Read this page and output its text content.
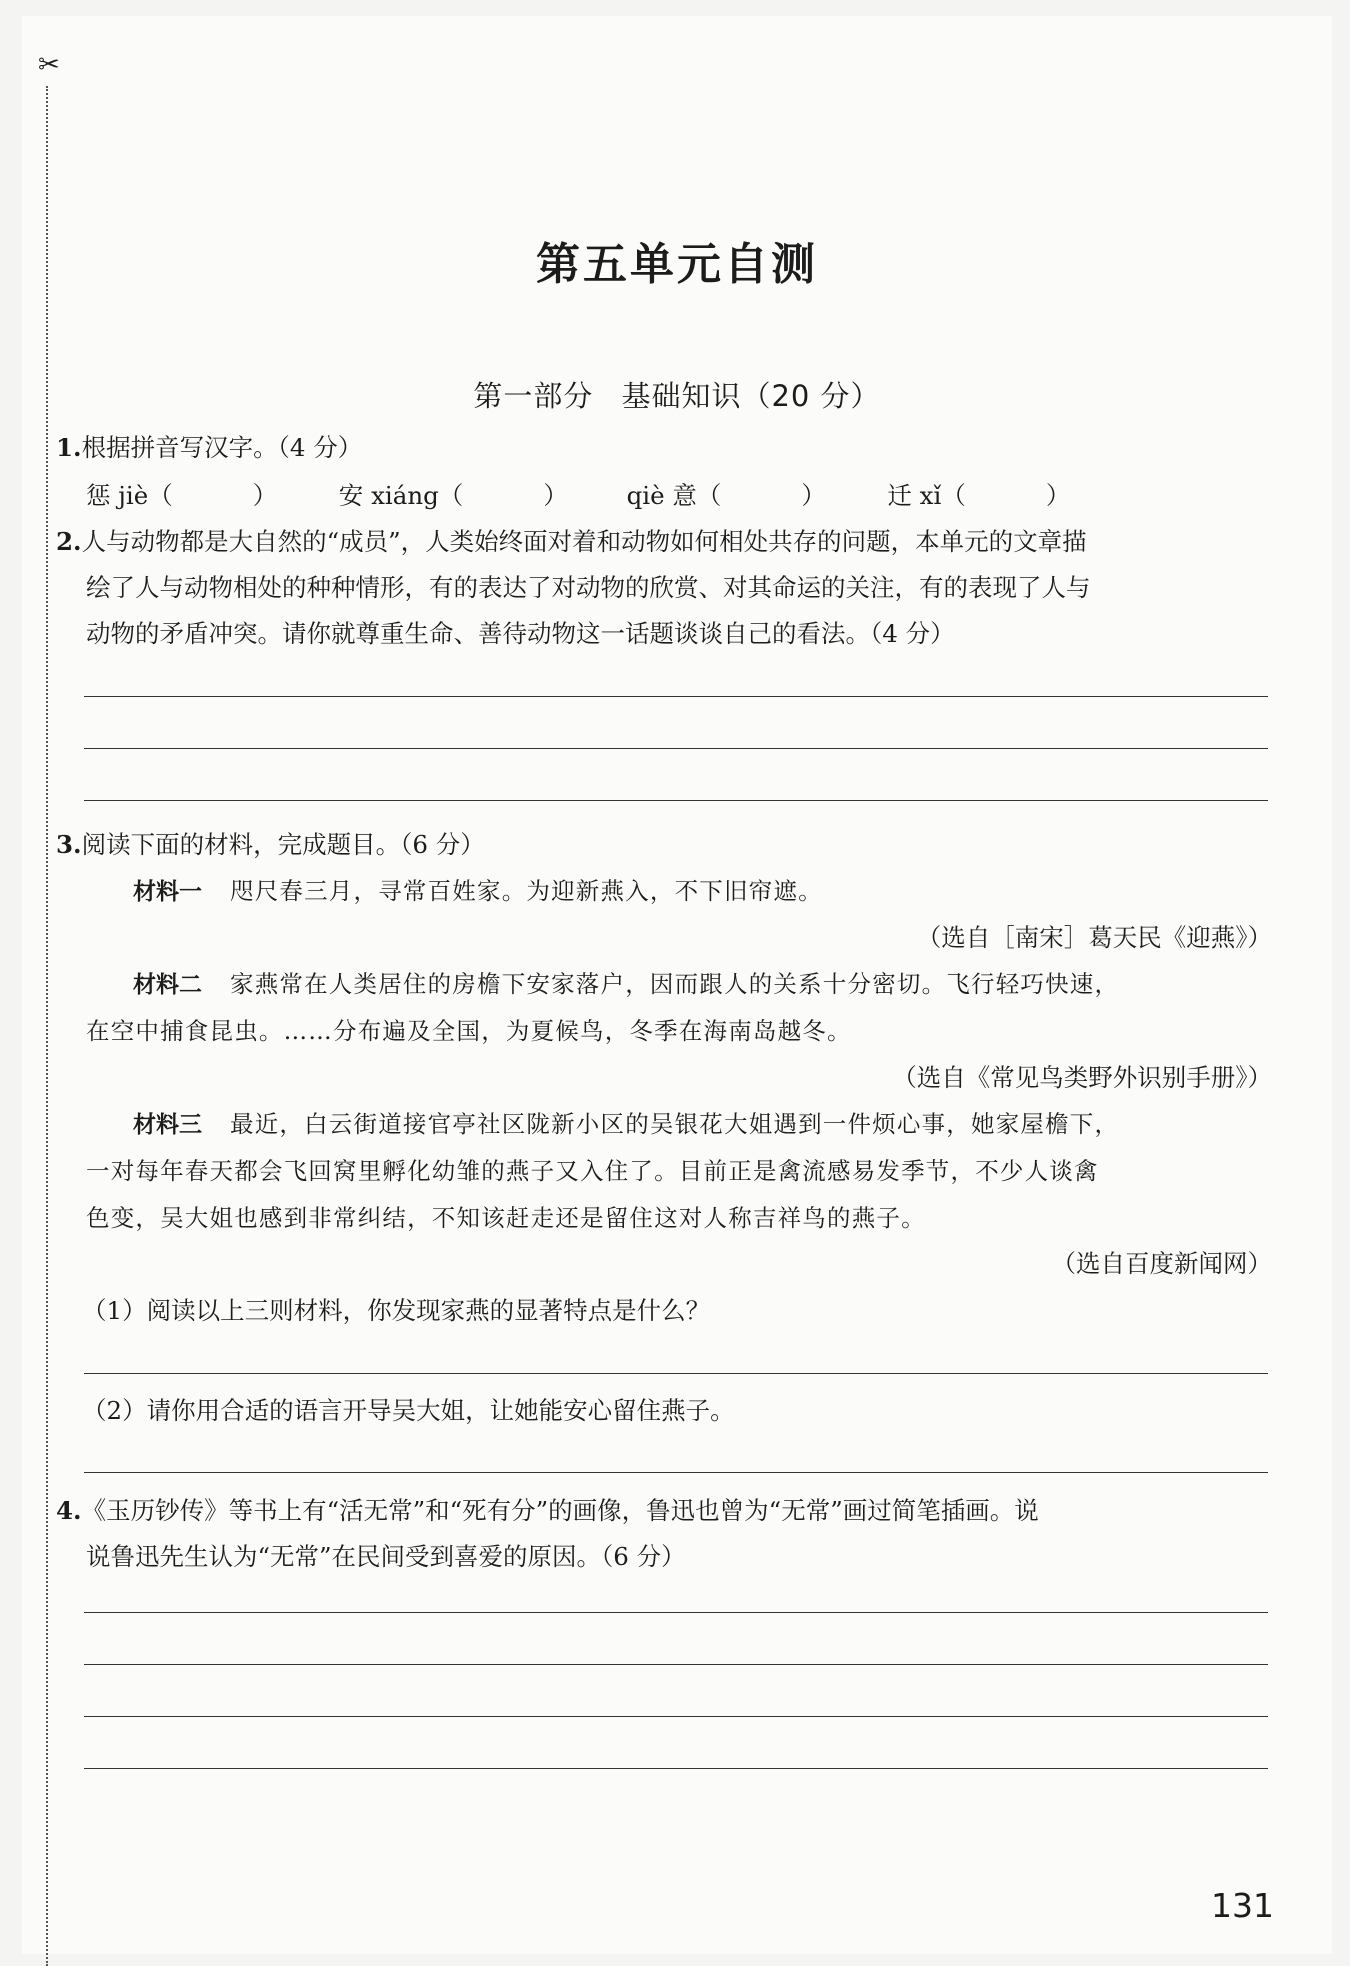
✂
第五单元自测
第一部分 基础知识（20 分）
1.根据拼音写汉字。（4 分）
惩 jiè（	）	安 xiáng（	） qiè 意（	）	迁 xǐ（	）
2.人与动物都是大自然的“成员”，人类始终面对着和动物如何相处共存的问题，本单元的文章描
绘了人与动物相处的种种情形，有的表达了对动物的欣赏、对其命运的关注，有的表现了人与
动物的矛盾冲突。请你就尊重生命、善待动物这一话题谈谈自己的看法。（4 分）
3.阅读下面的材料，完成题目。（6 分）
材料一 咫尺春三月，寻常百姓家。为迎新燕入，不下旧帘遮。
（选自［南宋］葛天民《迎燕》）
材料二 家燕常在人类居住的房檐下安家落户，因而跟人的关系十分密切。飞行轻巧快速，
在空中捕食昆虫。……分布遍及全国，为夏候鸟，冬季在海南岛越冬。
（选自《常见鸟类野外识别手册》）
材料三 最近，白云街道接官亭社区陇新小区的吴银花大姐遇到一件烦心事，她家屋檐下，
一对每年春天都会飞回窝里孵化幼雏的燕子又入住了。目前正是禽流感易发季节，不少人谈禽
色变，吴大姐也感到非常纠结，不知该赶走还是留住这对人称吉祥鸟的燕子。
（选自百度新闻网）
（1）阅读以上三则材料，你发现家燕的显著特点是什么？
（2）请你用合适的语言开导吴大姐，让她能安心留住燕子。
4.《玉历钞传》等书上有“活无常”和“死有分”的画像，鲁迅也曾为“无常”画过简笔插画。说
说鲁迅先生认为“无常”在民间受到喜爱的原因。（6 分）
131
